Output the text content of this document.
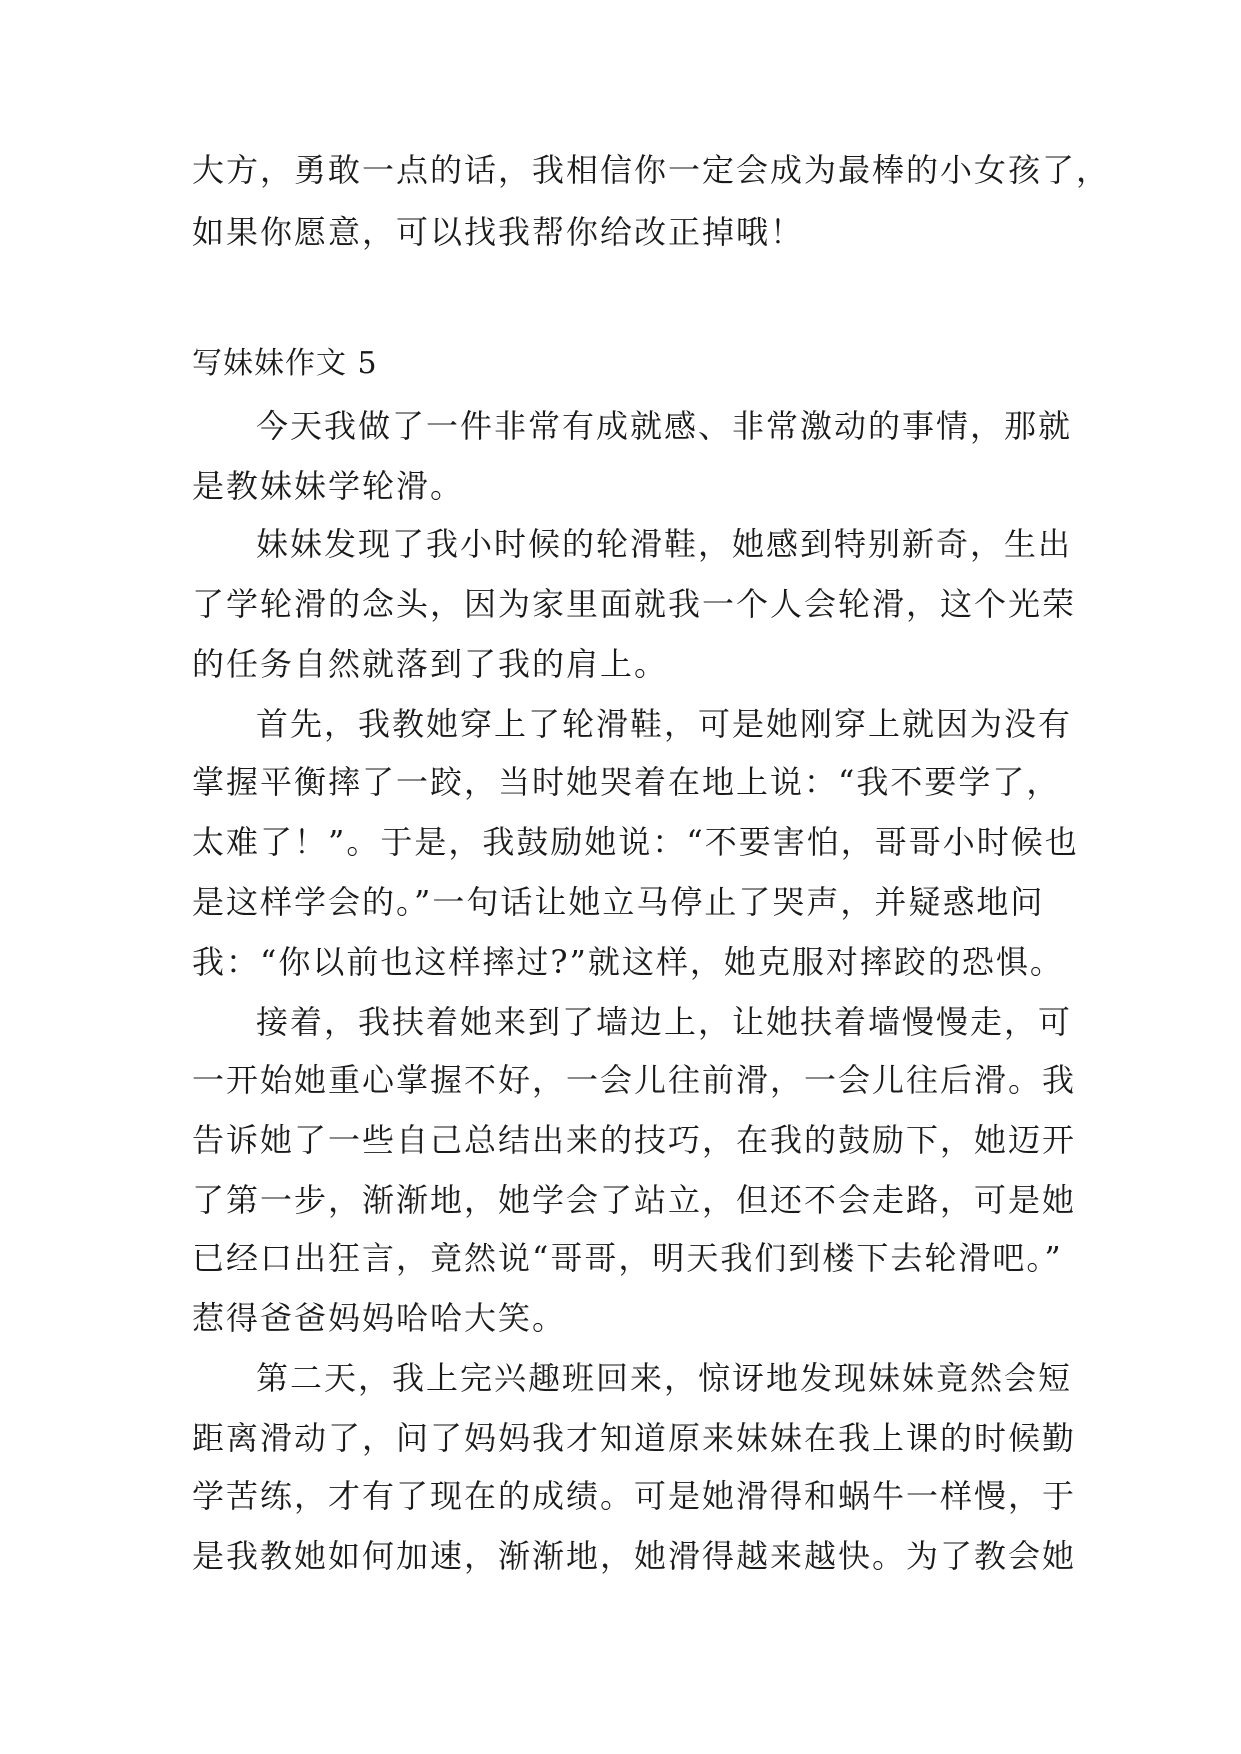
大方，勇敢一点的话，我相信你一定会成为最棒的小女孩了，
如果你愿意，可以找我帮你给改正掉哦！
写妹妹作文 5
今天我做了一件非常有成就感、非常激动的事情，那就
是教妹妹学轮滑。
妹妹发现了我小时候的轮滑鞋，她感到特别新奇，生出
了学轮滑的念头，因为家里面就我一个人会轮滑，这个光荣
的任务自然就落到了我的肩上。
首先，我教她穿上了轮滑鞋，可是她刚穿上就因为没有
掌握平衡摔了一跤，当时她哭着在地上说：“我不要学了，
太难了！”。于是，我鼓励她说：“不要害怕，哥哥小时候也
是这样学会的。”一句话让她立马停止了哭声，并疑惑地问
我：“你以前也这样摔过?”就这样，她克服对摔跤的恐惧。
接着，我扶着她来到了墙边上，让她扶着墙慢慢走，可
一开始她重心掌握不好，一会儿往前滑，一会儿往后滑。我
告诉她了一些自己总结出来的技巧，在我的鼓励下，她迈开
了第一步，渐渐地，她学会了站立，但还不会走路，可是她
已经口出狂言，竟然说“哥哥，明天我们到楼下去轮滑吧。”
惹得爸爸妈妈哈哈大笑。
第二天，我上完兴趣班回来，惊讶地发现妹妹竟然会短
距离滑动了，问了妈妈我才知道原来妹妹在我上课的时候勤
学苦练，才有了现在的成绩。可是她滑得和蜗牛一样慢，于
是我教她如何加速，渐渐地，她滑得越来越快。为了教会她
